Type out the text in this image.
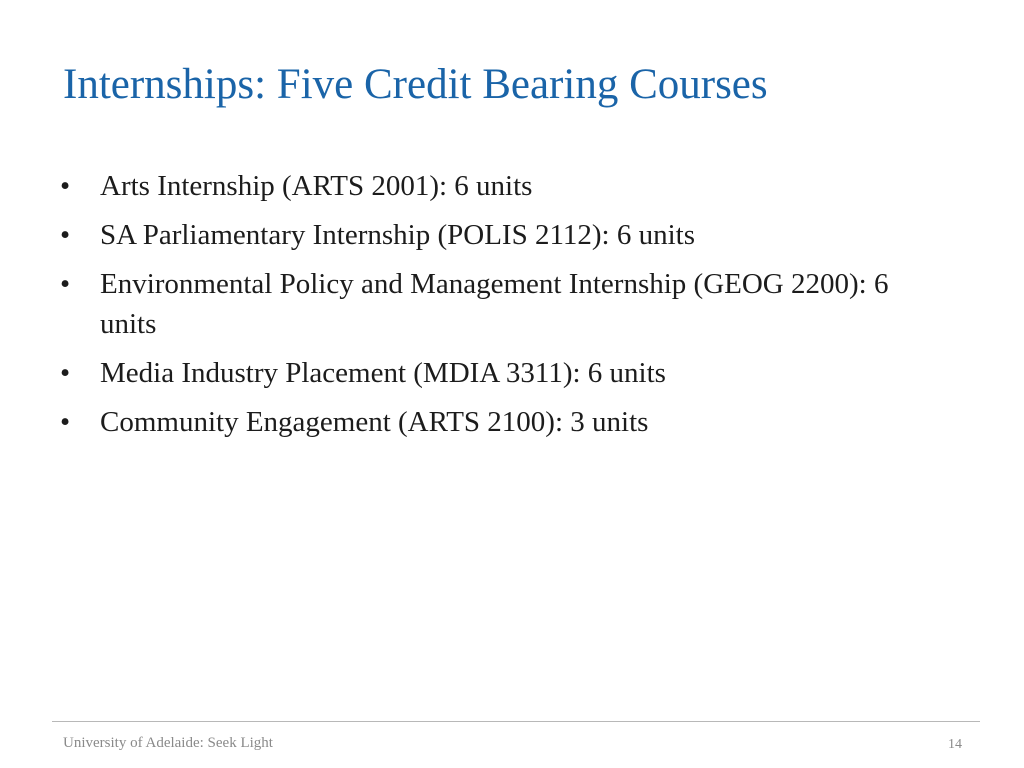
Internships: Five Credit Bearing Courses
•	Arts Internship (ARTS 2001): 6 units
•	SA Parliamentary Internship (POLIS 2112): 6 units
•	Environmental Policy and Management Internship (GEOG 2200): 6 units
•	Media Industry Placement (MDIA 3311): 6 units
•	Community Engagement (ARTS 2100): 3 units
University of Adelaide: Seek Light	14
